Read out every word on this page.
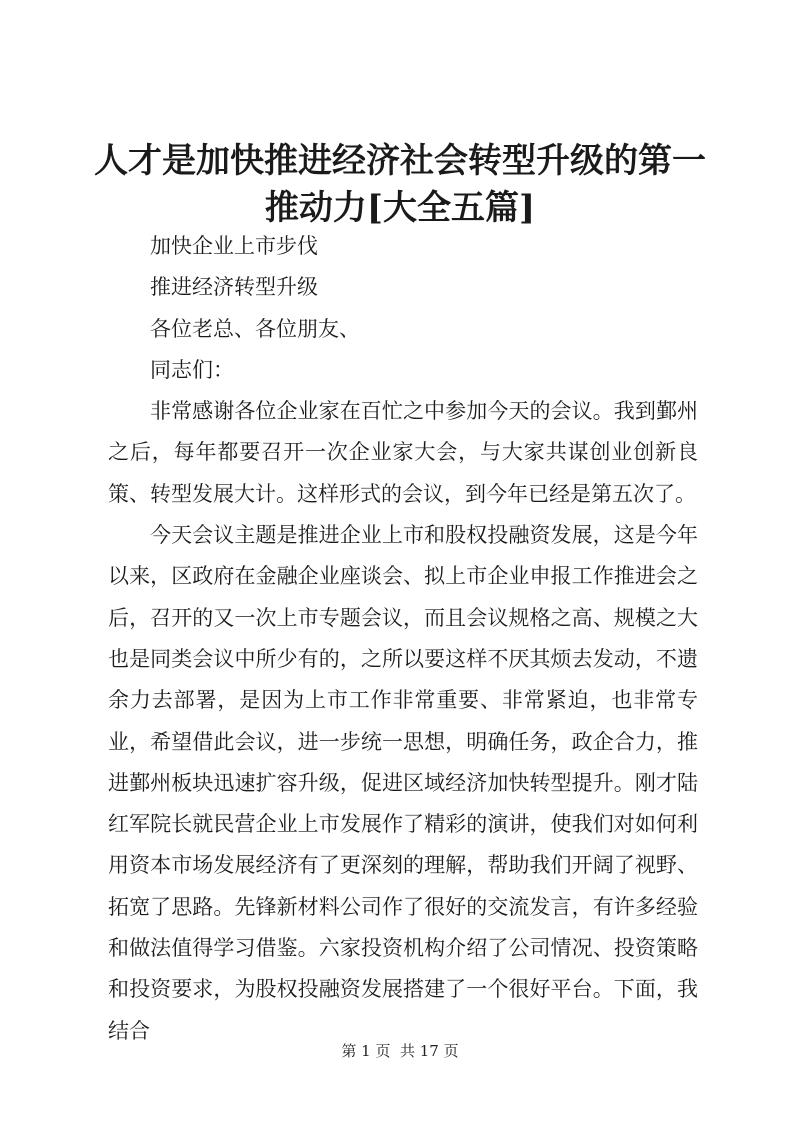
人才是加快推进经济社会转型升级的第一推动力[大全五篇]

加快企业上市步伐

推进经济转型升级

各位老总、各位朋友、

同志们：

非常感谢各位企业家在百忙之中参加今天的会议。我到鄞州之后，每年都要召开一次企业家大会，与大家共谋创业创新良策、转型发展大计。这样形式的会议，到今年已经是第五次了。

今天会议主题是推进企业上市和股权投融资发展，这是今年以来，区政府在金融企业座谈会、拟上市企业申报工作推进会之后，召开的又一次上市专题会议，而且会议规格之高、规模之大也是同类会议中所少有的，之所以要这样不厌其烦去发动，不遗余力去部署，是因为上市工作非常重要、非常紧迫，也非常专业，希望借此会议，进一步统一思想，明确任务，政企合力，推进鄞州板块迅速扩容升级，促进区域经济加快转型提升。刚才陆红军院长就民营企业上市发展作了精彩的演讲，使我们对如何利用资本市场发展经济有了更深刻的理解，帮助我们开阔了视野、拓宽了思路。先锋新材料公司作了很好的交流发言，有许多经验和做法值得学习借鉴。六家投资机构介绍了公司情况、投资策略和投资要求，为股权投融资发展搭建了一个很好平台。下面，我结合

第 1 页  共 17 页
